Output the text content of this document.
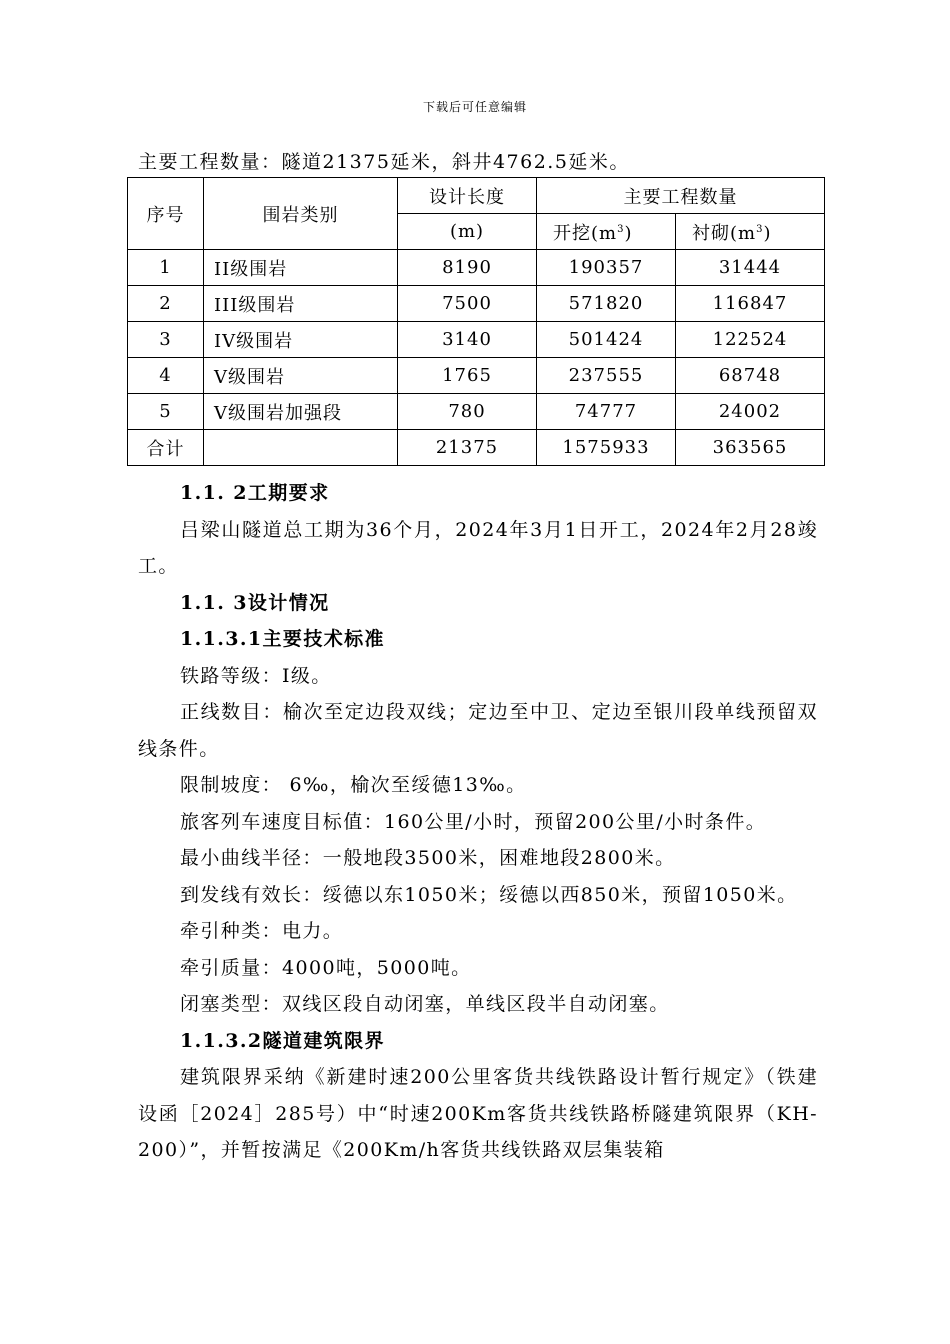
下载后可任意编辑
主要工程数量：隧道21375延米，斜井4762.5延米。
序号	围岩类别	设计长度	主要工程数量	
		(m)	开挖$(m^3)$	衬砌$(m^3)$
1	II级围岩	8190	190357	31444
2	III级围岩	7500	571820	116847
3	IV级围岩	3140	501424	122524
4	V级围岩	1765	237555	68748
5	V级围岩加强段	780	74777	24002
合计		21375	1575933	363565

1.1. 2工期要求

吕梁山隧道总工期为36个月，2024年3月1日开工，2024年2月28竣工。

1.1. 3设计情况

1.1.3.1主要技术标准

铁路等级：Ⅰ级。

正线数目：榆次至定边段双线；定边至中卫、定边至银川段单线预留双线条件。

限制坡度： 6‰，榆次至绥德13‰。

旅客列车速度目标值：160公里/小时，预留200公里/小时条件。

最小曲线半径：一般地段3500米，困难地段2800米。

到发线有效长：绥德以东1050米；绥德以西850米，预留1050米。

牵引种类：电力。

牵引质量：4000吨，5000吨。

闭塞类型：双线区段自动闭塞，单线区段半自动闭塞。

1.1.3.2隧道建筑限界

建筑限界采纳《新建时速200公里客货共线铁路设计暂行规定》（铁建设函［2024］285号）中“时速200Km客货共线铁路桥隧建筑限界（KH-200）”，并暂按满足《200Km/h客货共线铁路双层集装箱
